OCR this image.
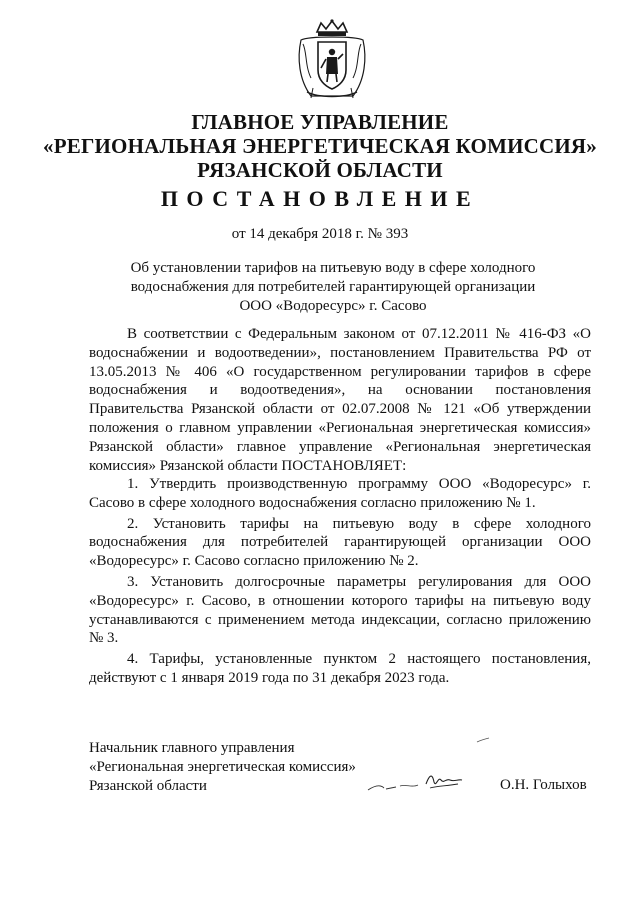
ГЛАВНОЕ УПРАВЛЕНИЕ
«РЕГИОНАЛЬНАЯ ЭНЕРГЕТИЧЕСКАЯ КОМИССИЯ»
РЯЗАНСКОЙ ОБЛАСТИ
ПОСТАНОВЛЕНИЕ
от 14 декабря 2018 г. № 393
Об установлении тарифов на питьевую воду в сфере холодного водоснабжения для потребителей гарантирующей организации ООО «Водоресурс» г. Сасово
В соответствии с Федеральным законом от 07.12.2011 № 416-ФЗ «О водоснабжении и водоотведении», постановлением Правительства РФ от 13.05.2013 № 406 «О государственном регулировании тарифов в сфере водоснабжения и водоотведения», на основании постановления Правительства Рязанской области от 02.07.2008 № 121 «Об утверждении положения о главном управлении «Региональная энергетическая комиссия» Рязанской области» главное управление «Региональная энергетическая комиссия» Рязанской области ПОСТАНОВЛЯЕТ:

1. Утвердить производственную программу ООО «Водоресурс» г. Сасово в сфере холодного водоснабжения согласно приложению № 1.

2. Установить тарифы на питьевую воду в сфере холодного водоснабжения для потребителей гарантирующей организации ООО «Водоресурс» г. Сасово согласно приложению № 2.

3. Установить долгосрочные параметры регулирования для ООО «Водоресурс» г. Сасово, в отношении которого тарифы на питьевую воду устанавливаются с применением метода индексации, согласно приложению № 3.

4. Тарифы, установленные пунктом 2 настоящего постановления, действуют с 1 января 2019 года по 31 декабря 2023 года.

Начальник главного управления
«Региональная энергетическая комиссия»
Рязанской области	О.Н. Голыхов
